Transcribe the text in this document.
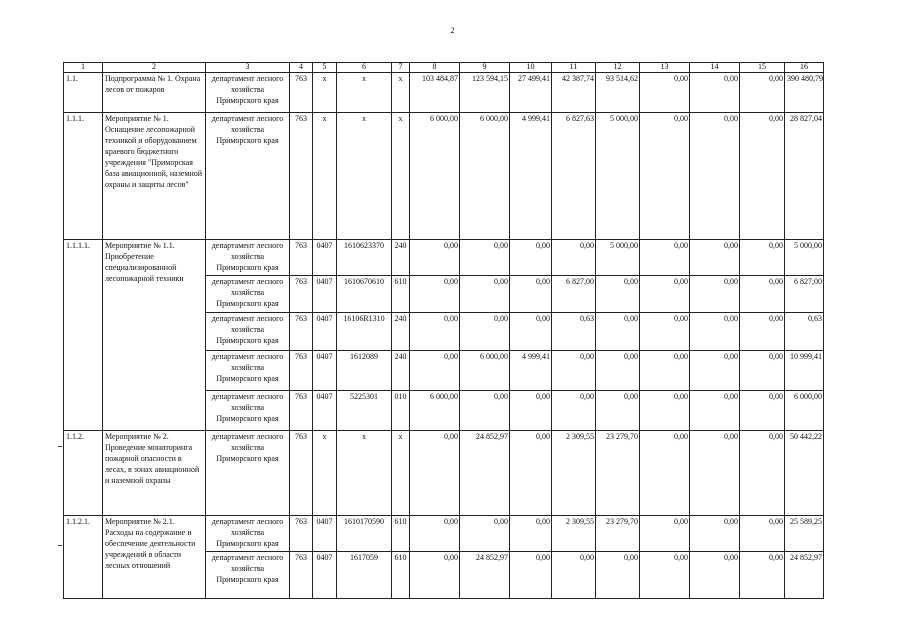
2
1	2	3	4	5	6	7	8	9	10	11	12	13	14	15	16
1.1.	Подпрограмма № 1. Охрана лесов от пожаров	департамент лесного хозяйства Приморского края	763	х	х	х	103 484,87	123 594,15	27 499,41	42 387,74	93 514,62	0,00	0,00	0,00	390 480,79
1.1.1.	Мероприятие № 1. Оснащение лесопожарной техникой и оборудованием краевого бюджетного учреждения "Приморская база авиационной, наземной охраны и защиты лесов"	департамент лесного хозяйства Приморского края	763	х	х	х	6 000,00	6 000,00	4 999,41	6 827,63	5 000,00	0,00	0,00	0,00	28 827,04
1.1.1.1.	Мероприятие № 1.1. Приобретение специализированной лесопожарной техники	департамент лесного хозяйства Приморского края	763	0407	1610623370	240	0,00	0,00	0,00	0,00	5 000,00	0,00	0,00	0,00	5 000,00
		департамент лесного хозяйства Приморского края	763	0407	1610670610	610	0,00	0,00	0,00	6 827,00	0,00	0,00	0,00	0,00	6 827,00
		департамент лесного хозяйства Приморского края	763	0407	16106R1310	240	0,00	0,00	0,00	0,63	0,00	0,00	0,00	0,00	0,63
		департамент лесного хозяйства Приморского края	763	0407	1612089	240	0,00	6 000,00	4 999,41	0,00	0,00	0,00	0,00	0,00	10 999,41
		департамент лесного хозяйства Приморского края	763	0407	5225301	010	6 000,00	0,00	0,00	0,00	0,00	0,00	0,00	0,00	6 000,00
1.1.2.	Мероприятие № 2. Проведение мониторинга пожарной опасности в лесах, в зонах авиационной и наземной охраны	департамент лесного хозяйства Приморского края	763	х	х	х	0,00	24 852,97	0,00	2 309,55	23 279,70	0,00	0,00	0,00	50 442,22
1.1.2.1.	Мероприятие № 2.1. Расходы на содержание и обеспечение деятельности учреждений в области лесных отношений	департамент лесного хозяйства Приморского края	763	0407	1610170590	610	0,00	0,00	0,00	2 309,55	23 279,70	0,00	0,00	0,00	25 589,25
		департамент лесного хозяйства Приморского края	763	0407	1617059	610	0,00	24 852,97	0,00	0,00	0,00	0,00	0,00	0,00	24 852,97
